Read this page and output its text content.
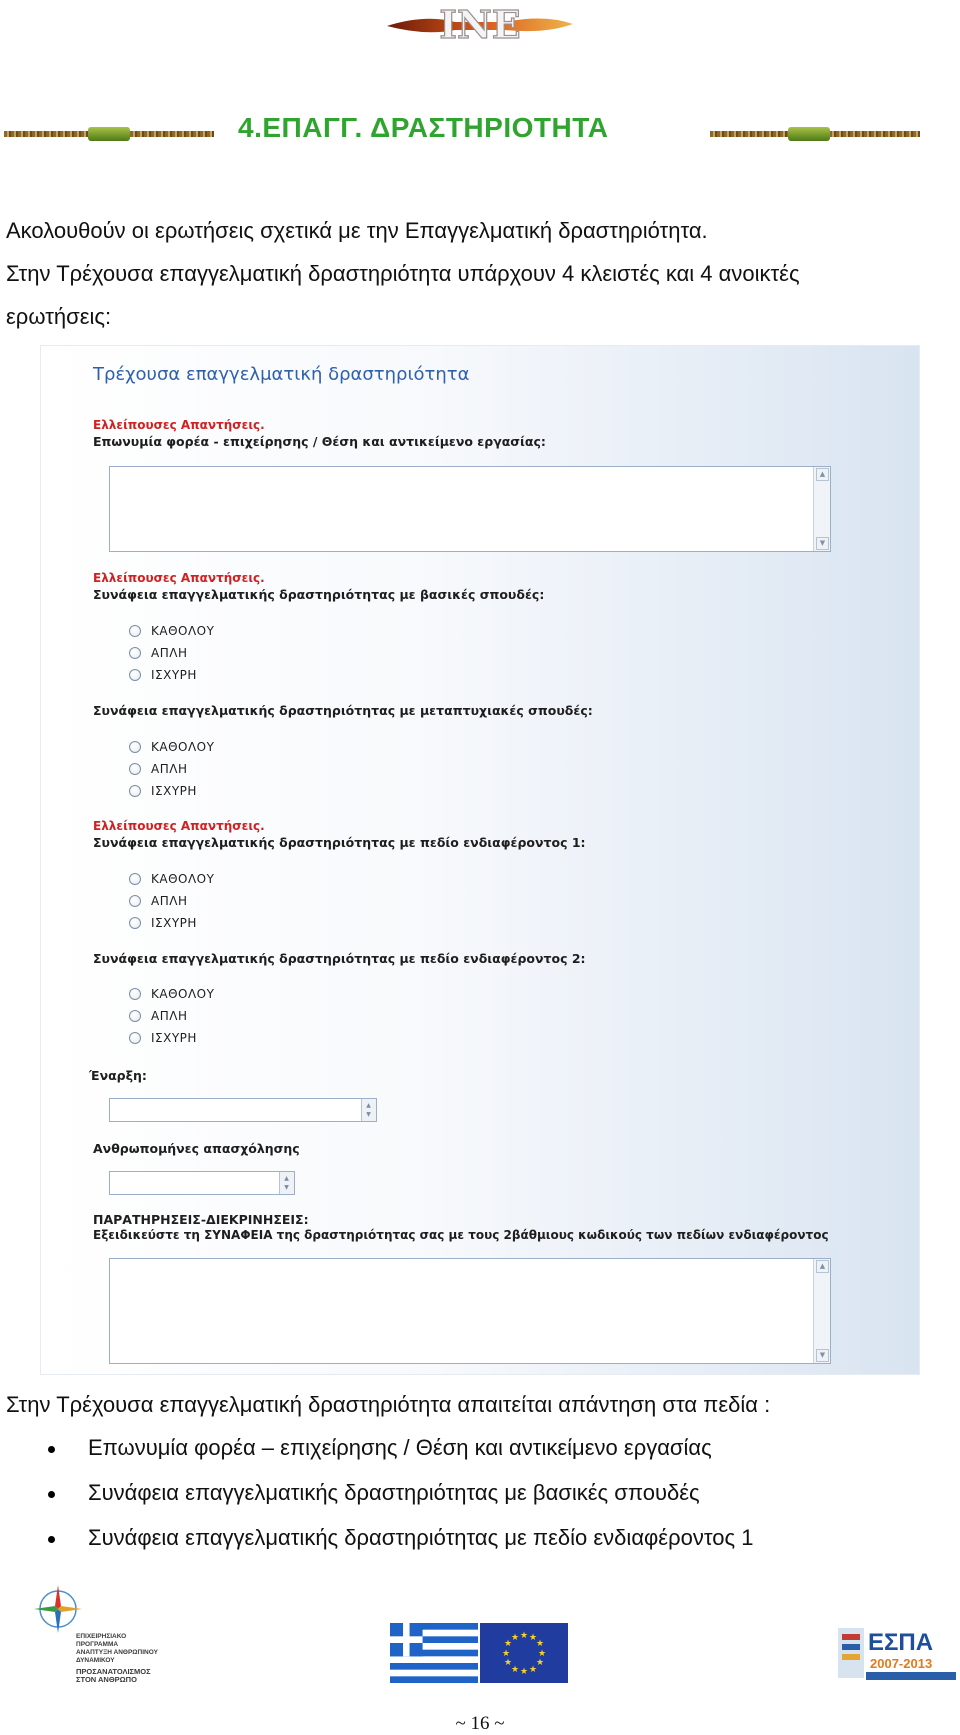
INE
4.ΕΠΑΓΓ. ΔΡΑΣΤΗΡΙΟΤΗΤΑ
Ακολουθούν οι ερωτήσεις σχετικά με την Επαγγελματική δραστηριότητα.
Στην Τρέχουσα επαγγελματική δραστηριότητα υπάρχουν 4 κλειστές και 4 ανοικτές
ερωτήσεις:
Τρέχουσα επαγγελματική δραστηριότητα
Ελλείπουσες Απαντήσεις.
Επωνυμία φορέα - επιχείρησης / Θέση και αντικείμενο εργασίας:
▲
▼
Ελλείπουσες Απαντήσεις.
Συνάφεια επαγγελματικής δραστηριότητας με βασικές σπουδές:
ΚΑΘΟΛΟΥ
ΑΠΛΗ
ΙΣΧΥΡΗ
Συνάφεια επαγγελματικής δραστηριότητας με μεταπτυχιακές σπουδές:
ΚΑΘΟΛΟΥ
ΑΠΛΗ
ΙΣΧΥΡΗ
Ελλείπουσες Απαντήσεις.
Συνάφεια επαγγελματικής δραστηριότητας με πεδίο ενδιαφέροντος 1:
ΚΑΘΟΛΟΥ
ΑΠΛΗ
ΙΣΧΥΡΗ
Συνάφεια επαγγελματικής δραστηριότητας με πεδίο ενδιαφέροντος 2:
ΚΑΘΟΛΟΥ
ΑΠΛΗ
ΙΣΧΥΡΗ
Έναρξη:
▲
▼
Ανθρωπομήνες απασχόλησης
▲
▼
ΠΑΡΑΤΗΡΗΣΕΙΣ-ΔΙΕΚΡΙΝΗΣΕΙΣ:
Εξειδικεύστε τη ΣΥΝΑΦΕΙΑ της δραστηριότητας σας με τους 2βάθμιους κωδικούς των πεδίων ενδιαφέροντος
▲
▼
Στην Τρέχουσα επαγγελματική δραστηριότητα απαιτείται απάντηση στα πεδία :
Επωνυμία φορέα – επιχείρησης / Θέση και αντικείμενο εργασίας
Συνάφεια επαγγελματικής δραστηριότητας με βασικές σπουδές
Συνάφεια επαγγελματικής δραστηριότητας με πεδίο ενδιαφέροντος 1
ΕΠΙΧΕΙΡΗΣΙΑΚΟ ΠΡΟΓΡΑΜΜΑ
ΑΝΑΠΤΥΞΗ ΑΝΘΡΩΠΙΝΟΥ ΔΥΝΑΜΙΚΟΥ
ΠΡΟΣΑΝΑΤΟΛΙΣΜΟΣ
ΣΤΟΝ ΑΝΘΡΩΠΟ
★ ★
★
★
★
★
★
★
★
★
★
★	ΕΣΠΑ
2007-2013
~ 16 ~
